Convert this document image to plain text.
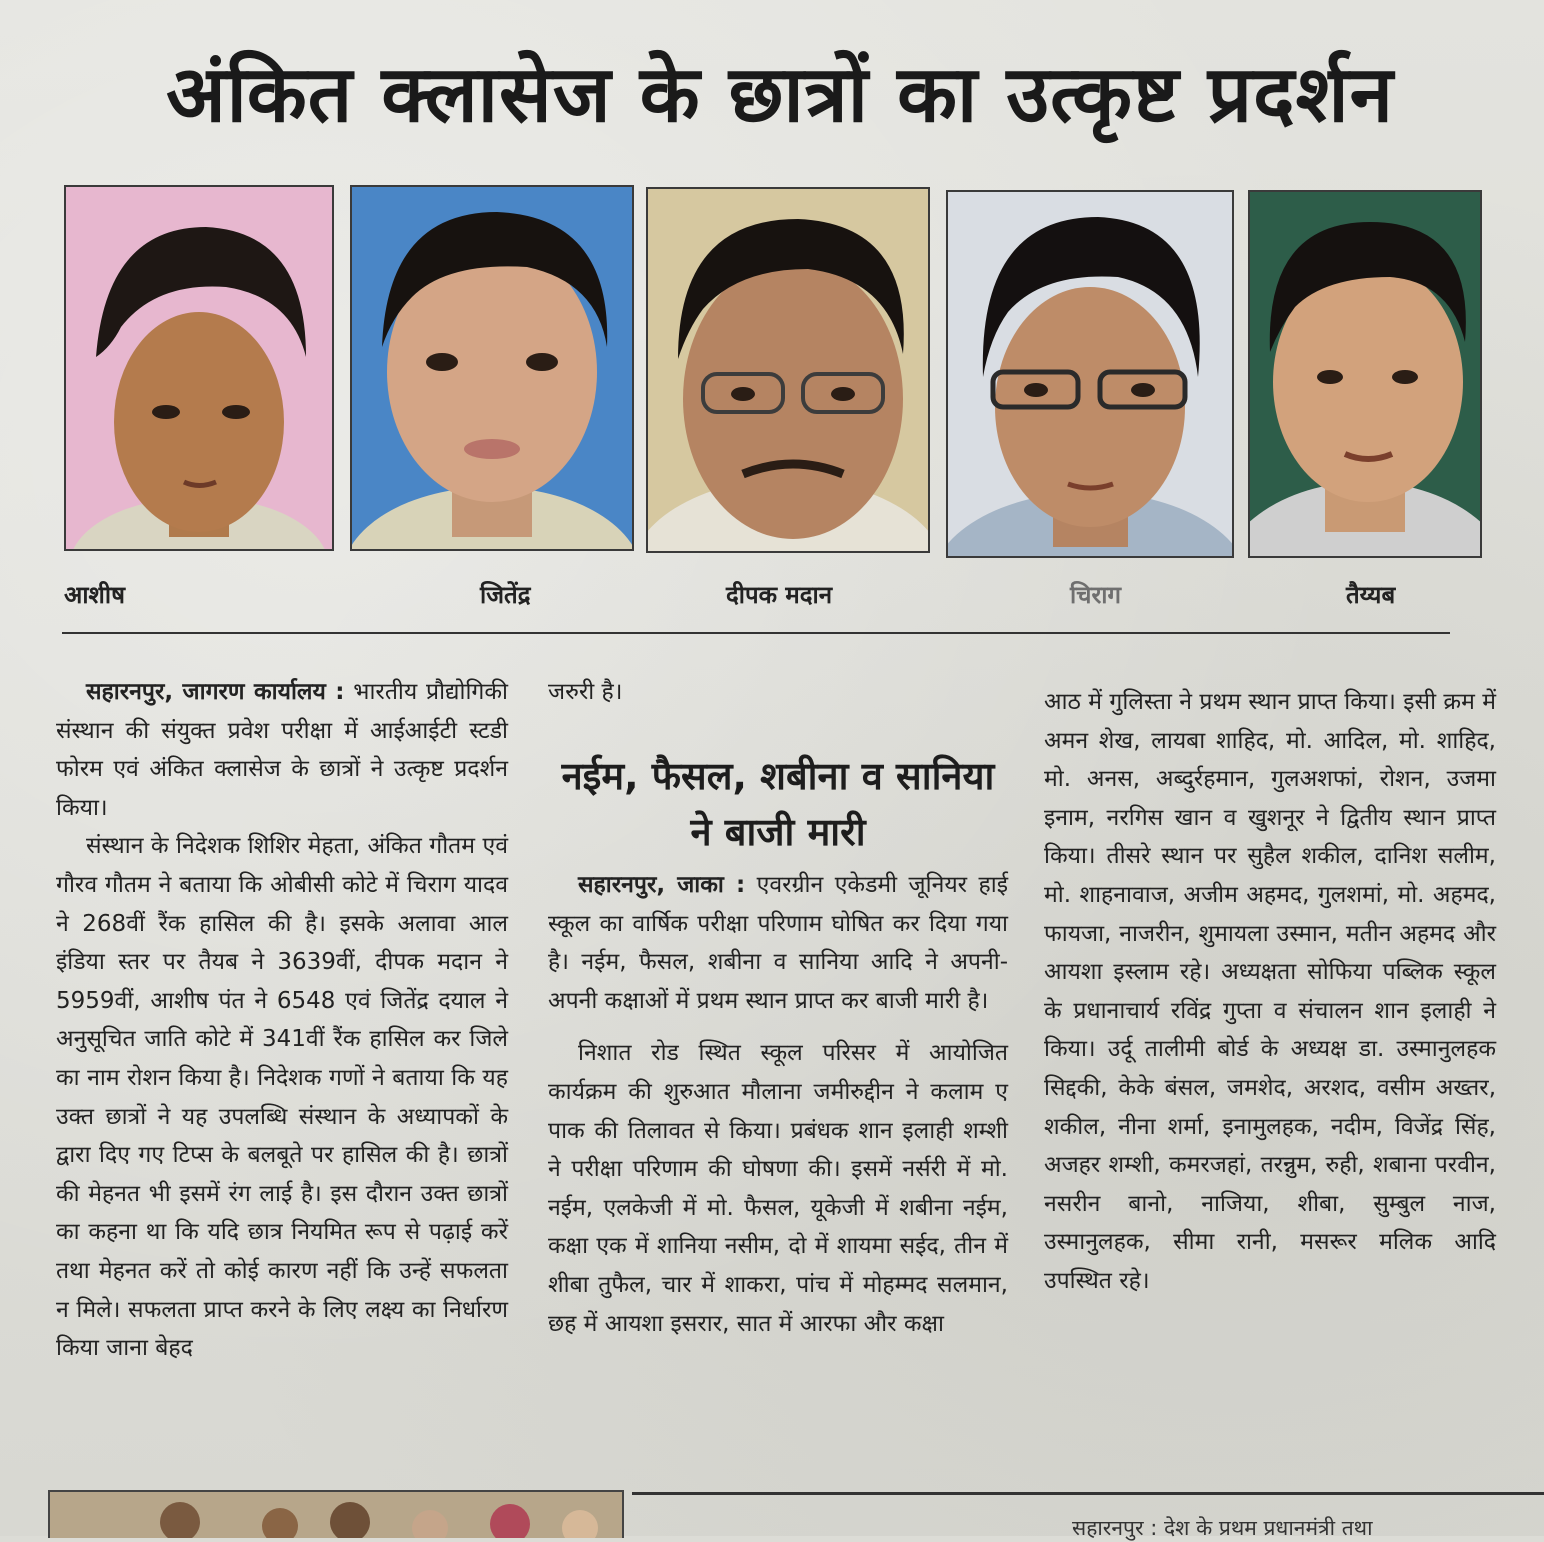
अंकित क्लासेज के छात्रों का उत्कृष्ट प्रदर्शन
आशीष	जितेंद्र	दीपक मदान	चिराग	तैय्यब

सहारनपुर, जागरण कार्यालय : भारतीय प्रौद्योगिकी संस्थान की संयुक्त प्रवेश परीक्षा में आईआईटी स्टडी फोरम एवं अंकित क्लासेज के छात्रों ने उत्कृष्ट प्रदर्शन किया।

संस्थान के निदेशक शिशिर मेहता, अंकित गौतम एवं गौरव गौतम ने बताया कि ओबीसी कोटे में चिराग यादव ने 268वीं रैंक हासिल की है। इसके अलावा आल इंडिया स्तर पर तैयब ने 3639वीं, दीपक मदान ने 5959वीं, आशीष पंत ने 6548 एवं जितेंद्र दयाल ने अनुसूचित जाति कोटे में 341वीं रैंक हासिल कर जिले का नाम रोशन किया है। निदेशक गणों ने बताया कि यह उक्त छात्रों ने यह उपलब्धि संस्थान के अध्यापकों के द्वारा दिए गए टिप्स के बलबूते पर हासिल की है। छात्रों की मेहनत भी इसमें रंग लाई है। इस दौरान उक्त छात्रों का कहना था कि यदि छात्र नियमित रूप से पढ़ाई करें तथा मेहनत करें तो कोई कारण नहीं कि उन्हें सफलता न मिले। सफलता प्राप्त करने के लिए लक्ष्य का निर्धारण किया जाना बेहद

जरुरी है।

नईम, फैसल, शबीना व सानिया ने बाजी मारी

सहारनपुर, जाका : एवरग्रीन एकेडमी जूनियर हाई स्कूल का वार्षिक परीक्षा परिणाम घोषित कर दिया गया है। नईम, फैसल, शबीना व सानिया आदि ने अपनी-अपनी कक्षाओं में प्रथम स्थान प्राप्त कर बाजी मारी है।

निशात रोड स्थित स्कूल परिसर में आयोजित कार्यक्रम की शुरुआत मौलाना जमीरुद्दीन ने कलाम ए पाक की तिलावत से किया। प्रबंधक शान इलाही शम्शी ने परीक्षा परिणाम की घोषणा की। इसमें नर्सरी में मो. नईम, एलकेजी में मो. फैसल, यूकेजी में शबीना नईम, कक्षा एक में शानिया नसीम, दो में शायमा सईद, तीन में शीबा तुफैल, चार में शाकरा, पांच में मोहम्मद सलमान, छह में आयशा इसरार, सात में आरफा और कक्षा

आठ में गुलिस्ता ने प्रथम स्थान प्राप्त किया। इसी क्रम में अमन शेख, लायबा शाहिद, मो. आदिल, मो. शाहिद, मो. अनस, अब्दुर्रहमान, गुलअशफां, रोशन, उजमा इनाम, नरगिस खान व खुशनूर ने द्वितीय स्थान प्राप्त किया। तीसरे स्थान पर सुहैल शकील, दानिश सलीम, मो. शाहनावाज, अजीम अहमद, गुलशमां, मो. अहमद, फायजा, नाजरीन, शुमायला उस्मान, मतीन अहमद और आयशा इस्लाम रहे। अध्यक्षता सोफिया पब्लिक स्कूल के प्रधानाचार्य रविंद्र गुप्ता व संचालन शान इलाही ने किया। उर्दू तालीमी बोर्ड के अध्यक्ष डा. उस्मानुलहक सिद्दकी, केके बंसल, जमशेद, अरशद, वसीम अख्तर, शकील, नीना शर्मा, इनामुलहक, नदीम, विजेंद्र सिंह, अजहर शम्शी, कमरजहां, तरन्नुम, रुही, शबाना परवीन, नसरीन बानो, नाजिया, शीबा, सुम्बुल नाज, उस्मानुलहक, सीमा रानी, मसरूर मलिक आदि उपस्थित रहे।

सहारनपुर : देश के प्रथम प्रधानमंत्री तथा
